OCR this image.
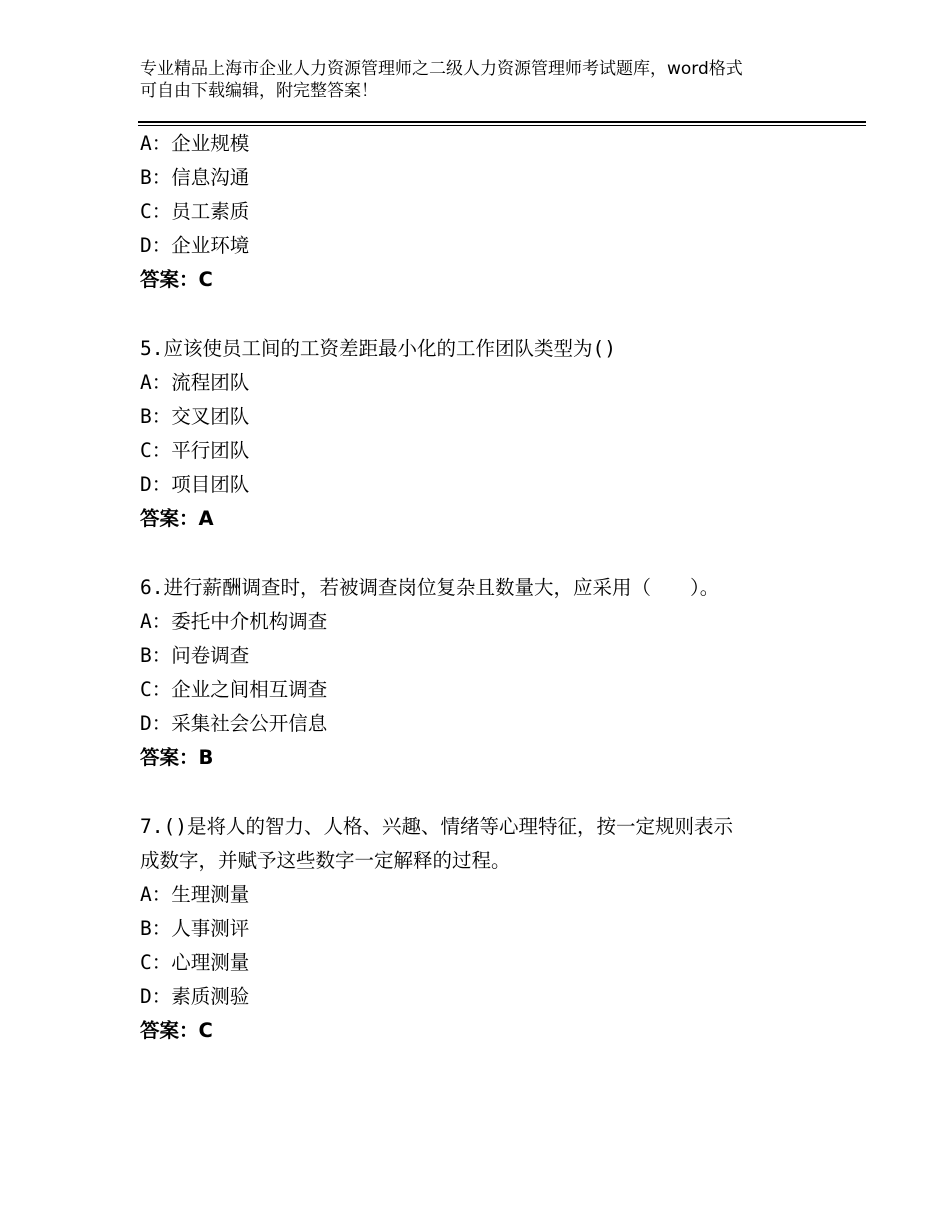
专业精品上海市企业人力资源管理师之二级人力资源管理师考试题库，word格式
可自由下载编辑，附完整答案！
A：企业规模
B：信息沟通
C：员工素质
D：企业环境
答案：C
5.应该使员工间的工资差距最小化的工作团队类型为()
A：流程团队
B：交叉团队
C：平行团队
D：项目团队
答案：A
6.进行薪酬调查时，若被调查岗位复杂且数量大，应采用（　　）。
A：委托中介机构调查
B：问卷调查
C：企业之间相互调查
D：采集社会公开信息
答案：B
7.()是将人的智力、人格、兴趣、情绪等心理特征，按一定规则表示
成数字，并赋予这些数字一定解释的过程。
A：生理测量
B：人事测评
C：心理测量
D：素质测验
答案：C
